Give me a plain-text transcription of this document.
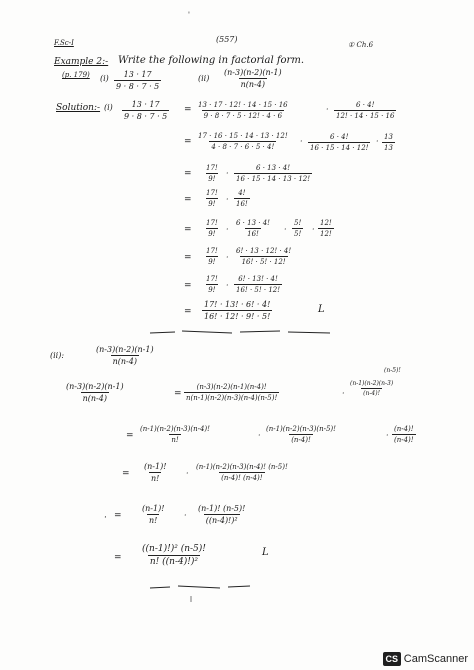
'
F.Sc-I	(557)
① Ch.6
Example 2:- Write the following in factorial form.
(p. 179) $(i) \frac{13 \cdot 17}{9 \cdot 8 \cdot 7 \cdot 5}$	$(ii) \frac{(n-3)(n-2)(n-1)}{n(n-4)}$
Solution:- $(i) \frac{13 \cdot 17}{9 \cdot 8 \cdot 7 \cdot 5} = \frac{13 \cdot 17 \cdot 12! \cdot 14 \cdot 15 \cdot 16}{9 \cdot 8 \cdot 7 \cdot 5 \cdot 12! \cdot 4 \cdot 6}$	· $\frac{6 \cdot 4!}{12! \cdot 14 \cdot 15 \cdot 16}$
= $\frac{17 \cdot 16 \cdot 15 \cdot 14 \cdot 13 \cdot 12!}{4 \cdot 8 \cdot 7 \cdot 6 \cdot 5 \cdot 4!} \cdot \frac{6 \cdot 4!}{16 \cdot 15 \cdot 14 \cdot 12!} \cdot \frac{13}{13}$
= $\frac{17!}{9!} \cdot \frac{6 \cdot 13 \cdot 4!}{16 \cdot 15 \cdot 14 \cdot 13 \cdot 12!}$
= $\frac{17!}{9!} \cdot \frac{4!}{16!}$
= $\frac{17!}{9!} \cdot \frac{6 \cdot 13 \cdot 4!}{16!} \cdot \frac{5!}{5!} \cdot \frac{12!}{12!}$
= $\frac{17!}{9!} \cdot \frac{6! \cdot 13 \cdot 12! \cdot 4!}{16! \cdot 5! \cdot 12!}$
= $\frac{17!}{9!} \cdot \frac{6! \cdot 13! \cdot 4!}{16! \cdot 5! \cdot 12!}$
= $\frac{17! \cdot 13! \cdot 6! \cdot 4!}{16! \cdot 12! \cdot 9! \cdot 5!}$	L
(ii):	$\frac{(n-3)(n-2)(n-1)}{n(n-4)}$
$\frac{(n-3)(n-2)(n-1)}{n(n-4)}$	= $\frac{(n-3)(n-2)(n-1)(n-4)!}{n(n-1)(n-2)(n-3)(n-4)(n-5)!}$	·
(n-5)!
$\frac{(n-1)(n-2)(n-3)}{(n-4)!}$
= $\frac{(n-1)(n-2)(n-3)(n-4)!}{n!}$	· $\frac{(n-1)(n-2)(n-3)(n-5)!}{(n-4)!}$	· $\frac{(n-4)!}{(n-4)!}$
= $\frac{(n-1)!}{n!} \cdot \frac{(n-1)(n-2)(n-3)(n-4)! (n-5)!}{(n-4)! (n-4)!}$
· = $\frac{(n-1)!}{n!} \cdot \frac{(n-1)! (n-5)!}{\text{((n-4)!)²}}$
= $\frac{\text{((n-1)!)² (n-5)!}}{\text{n! ((n-4)!)²}}$	L
CS CamScanner
